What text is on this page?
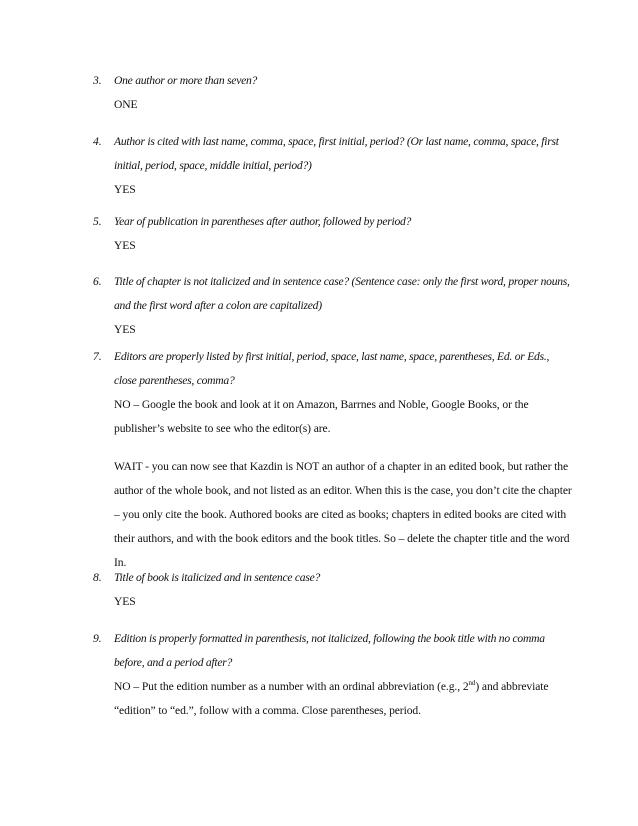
3. One author or more than seven?
ONE
4. Author is cited with last name, comma, space, first initial, period? (Or last name, comma, space, first initial, period, space, middle initial, period?)
YES
5. Year of publication in parentheses after author, followed by period?
YES
6. Title of chapter is not italicized and in sentence case? (Sentence case: only the first word, proper nouns, and the first word after a colon are capitalized)
YES
7. Editors are properly listed by first initial, period, space, last name, space, parentheses, Ed. or Eds., close parentheses, comma?
NO – Google the book and look at it on Amazon, Barrnes and Noble, Google Books, or the publisher’s website to see who the editor(s) are.
WAIT - you can now see that Kazdin is NOT an author of a chapter in an edited book, but rather the author of the whole book, and not listed as an editor. When this is the case, you don’t cite the chapter – you only cite the book. Authored books are cited as books; chapters in edited books are cited with their authors, and with the book editors and the book titles. So – delete the chapter title and the word In.
8. Title of book is italicized and in sentence case?
YES
9. Edition is properly formatted in parenthesis, not italicized, following the book title with no comma before, and a period after?
NO – Put the edition number as a number with an ordinal abbreviation (e.g., 2nd) and abbreviate “edition” to “ed.”, follow with a comma. Close parentheses, period.
